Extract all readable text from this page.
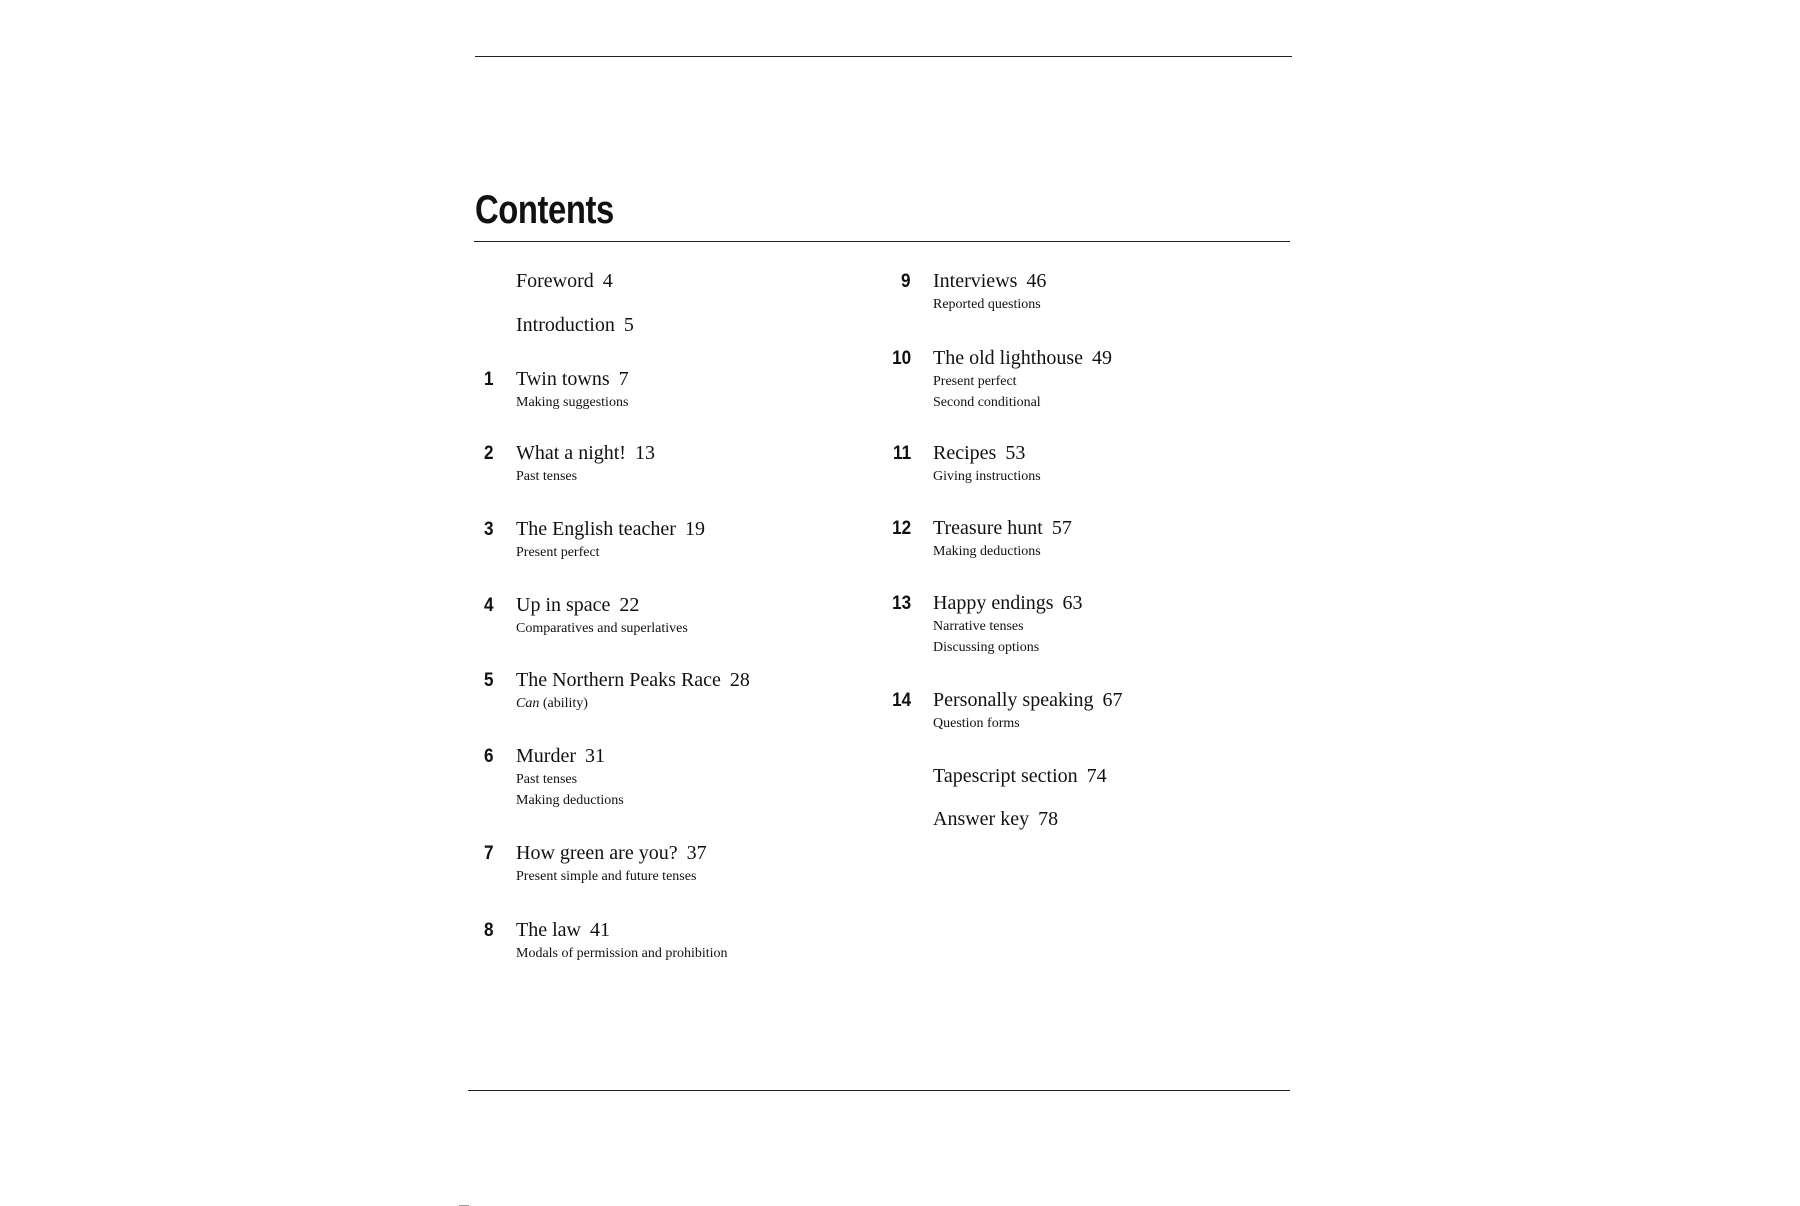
Contents
Foreword 4
Introduction 5
1 Twin towns 7
Making suggestions
2 What a night! 13
Past tenses
3 The English teacher 19
Present perfect
4 Up in space 22
Comparatives and superlatives
5 The Northern Peaks Race 28
Can (ability)
6 Murder 31
Past tenses
Making deductions
7 How green are you? 37
Present simple and future tenses
8 The law 41
Modals of permission and prohibition
9 Interviews 46
Reported questions
10 The old lighthouse 49
Present perfect
Second conditional
11 Recipes 53
Giving instructions
12 Treasure hunt 57
Making deductions
13 Happy endings 63
Narrative tenses
Discussing options
14 Personally speaking 67
Question forms
Tapescript section 74
Answer key 78
